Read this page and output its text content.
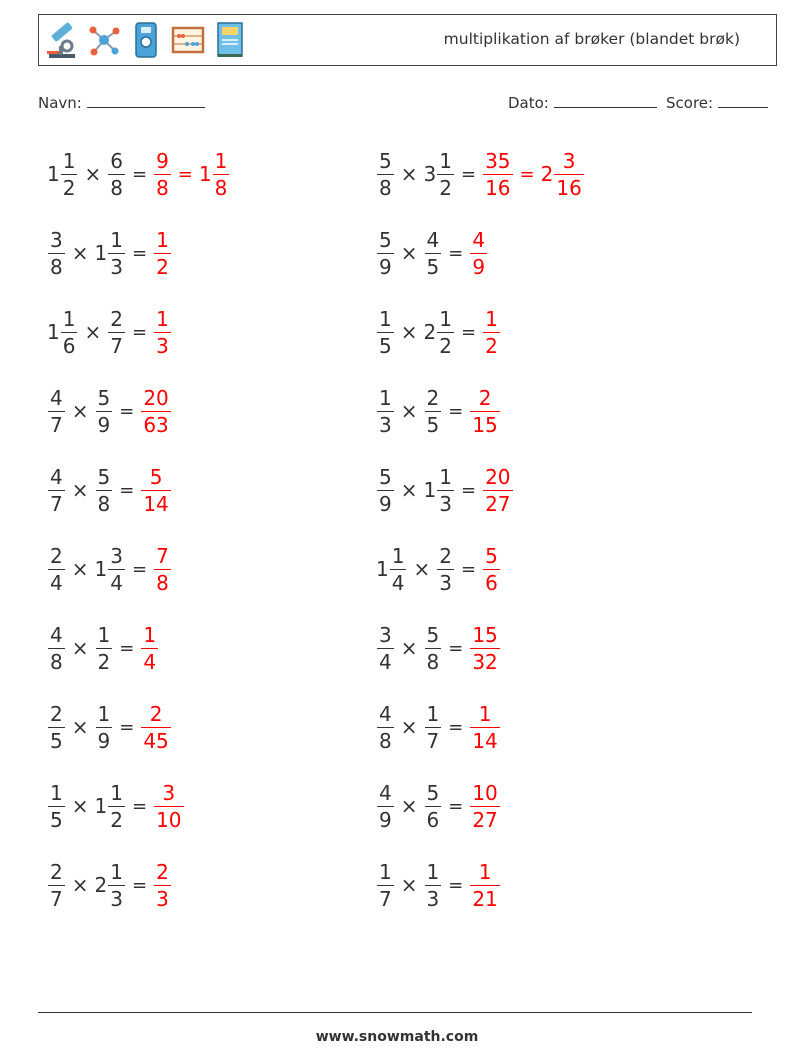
multiplikation af brøker (blandet brøk)
Navn:	Dato:	Score:
$1 \frac{1}{2} \times \frac{6}{8} = \frac{9}{8} = 1 \frac{1}{8}$	$\frac{5}{8} \times 3 \frac{1}{2} = \frac{35}{16} = 2 \frac{3}{16}$
$\frac{3}{8} \times 1 \frac{1}{3} = \frac{1}{2}$	$\frac{5}{9} \times \frac{4}{5} = \frac{4}{9}$
$1 \frac{1}{6} \times \frac{2}{7} = \frac{1}{3}$	$\frac{1}{5} \times 2 \frac{1}{2} = \frac{1}{2}$
$\frac{4}{7} \times \frac{5}{9} = \frac{20}{63}$	$\frac{1}{3} \times \frac{2}{5} = \frac{2}{15}$
$\frac{4}{7} \times \frac{5}{8} = \frac{5}{14}$	$\frac{5}{9} \times 1 \frac{1}{3} = \frac{20}{27}$
$\frac{2}{4} \times 1 \frac{3}{4} = \frac{7}{8}$	$1 \frac{1}{4} \times \frac{2}{3} = \frac{5}{6}$
$\frac{4}{8} \times \frac{1}{2} = \frac{1}{4}$	$\frac{3}{4} \times \frac{5}{8} = \frac{15}{32}$
$\frac{2}{5} \times \frac{1}{9} = \frac{2}{45}$	$\frac{4}{8} \times \frac{1}{7} = \frac{1}{14}$
$\frac{1}{5} \times 1 \frac{1}{2} = \frac{3}{10}$	$\frac{4}{9} \times \frac{5}{6} = \frac{10}{27}$
$\frac{2}{7} \times 2 \frac{1}{3} = \frac{2}{3}$	$\frac{1}{7} \times \frac{1}{3} = \frac{1}{21}$
www.snowmath.com
